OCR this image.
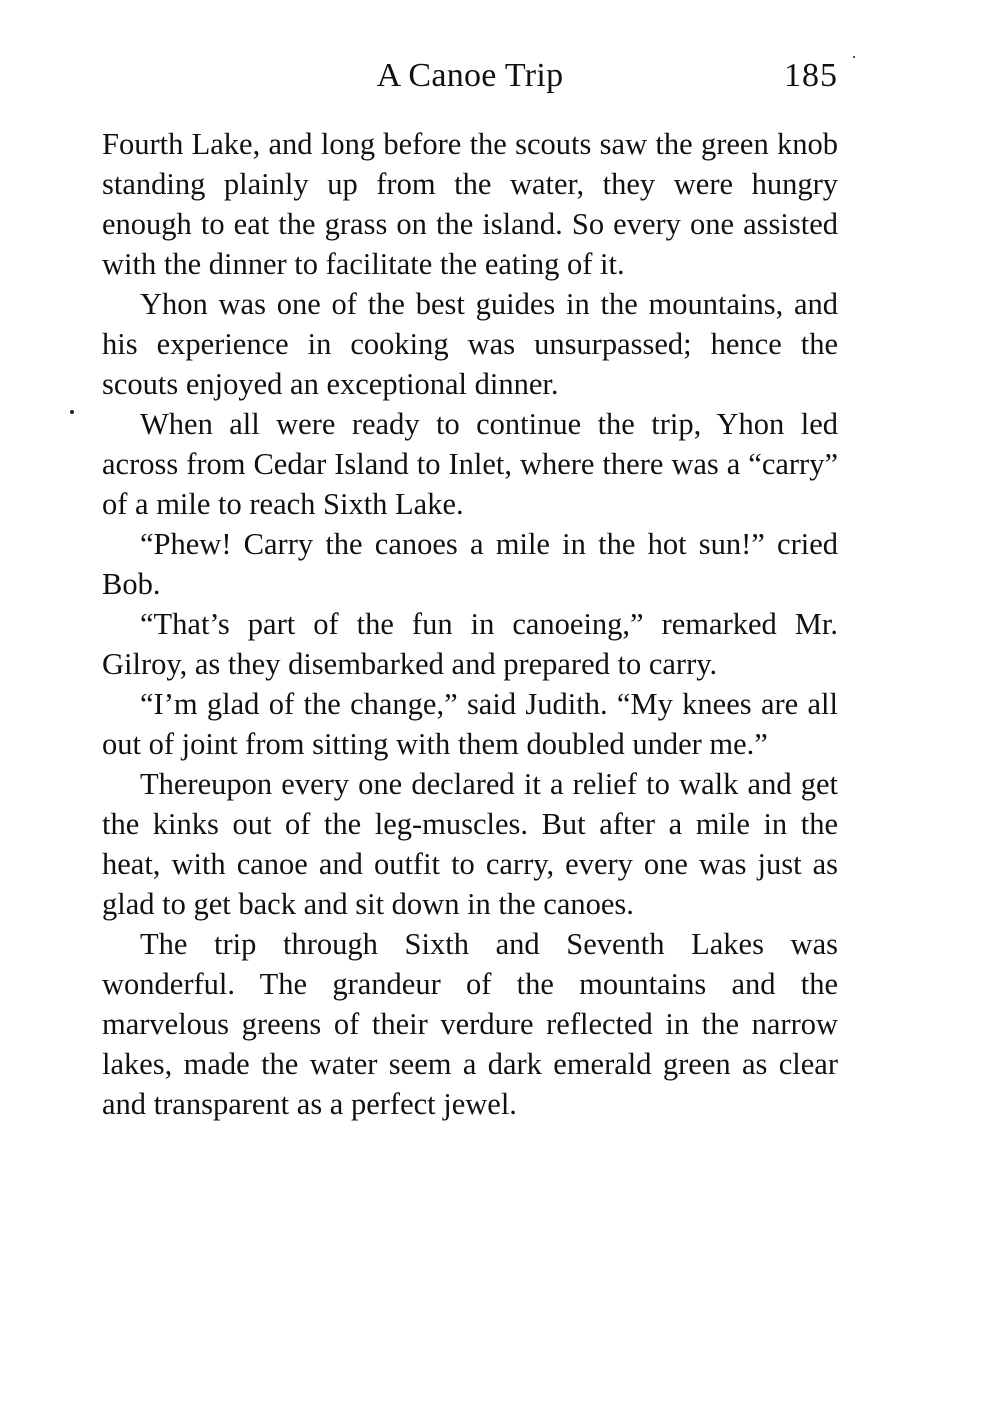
A Canoe Trip	185

Fourth Lake, and long before the scouts saw the green knob standing plainly up from the water, they were hungry enough to eat the grass on the island. So every one assisted with the dinner to facilitate the eating of it.

Yhon was one of the best guides in the mountains, and his experience in cooking was unsurpassed; hence the scouts enjoyed an exceptional dinner.

When all were ready to continue the trip, Yhon led across from Cedar Island to Inlet, where there was a “carry” of a mile to reach Sixth Lake.

“Phew! Carry the canoes a mile in the hot sun!” cried Bob.

“That’s part of the fun in canoeing,” remarked Mr. Gilroy, as they disembarked and prepared to carry.

“I’m glad of the change,” said Judith. “My knees are all out of joint from sitting with them doubled under me.”

Thereupon every one declared it a relief to walk and get the kinks out of the leg-muscles. But after a mile in the heat, with canoe and outfit to carry, every one was just as glad to get back and sit down in the canoes.

The trip through Sixth and Seventh Lakes was wonderful. The grandeur of the mountains and the marvelous greens of their verdure reflected in the narrow lakes, made the water seem a dark emerald green as clear and transparent as a perfect jewel.
